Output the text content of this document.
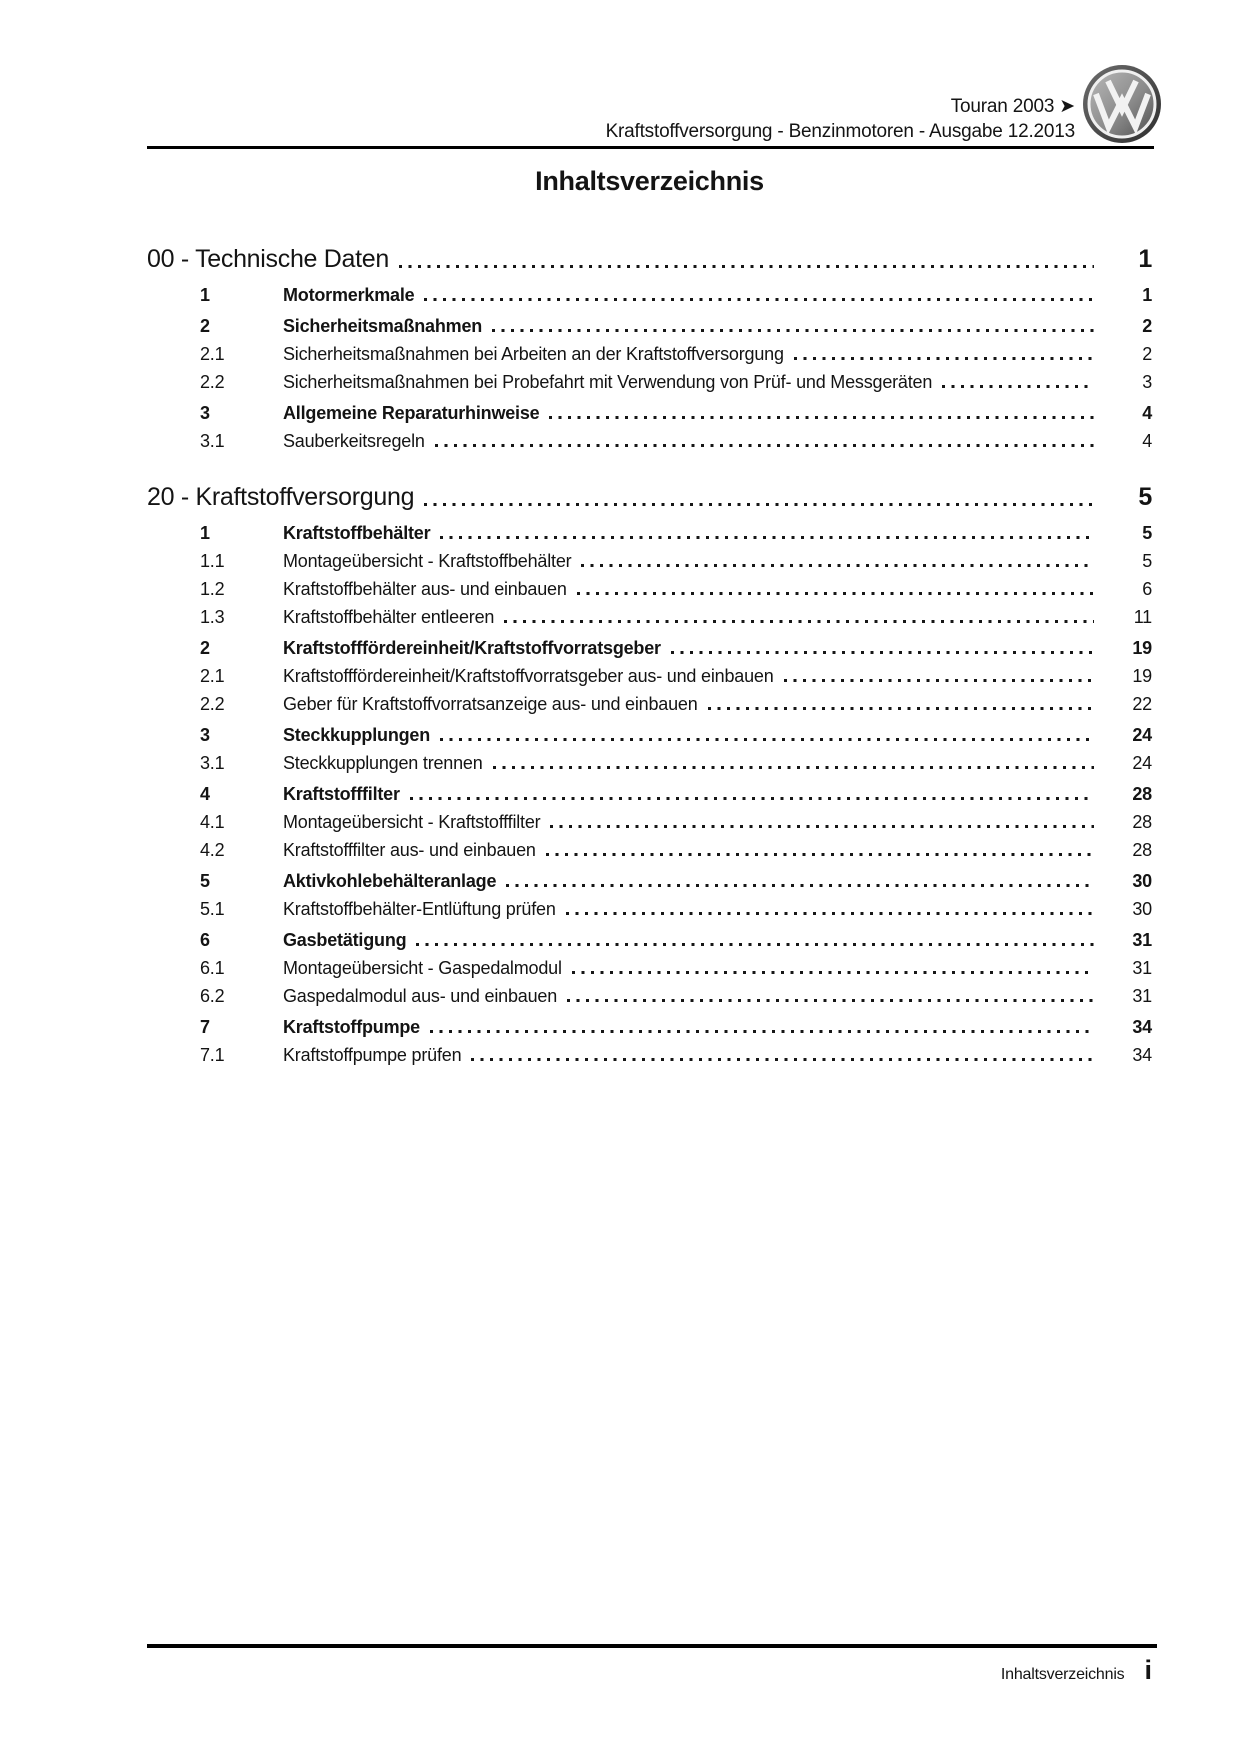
Touran 2003 ➤
Kraftstoffversorgung - Benzinmotoren - Ausgabe 12.2013
Inhaltsverzeichnis
00 - Technische Daten	1
1	Motormerkmale	1
2	Sicherheitsmaßnahmen	2
2.1	Sicherheitsmaßnahmen bei Arbeiten an der Kraftstoffversorgung	2
2.2	Sicherheitsmaßnahmen bei Probefahrt mit Verwendung von Prüf- und Messgeräten	3
3	Allgemeine Reparaturhinweise	4
3.1	Sauberkeitsregeln	4
20 - Kraftstoffversorgung	5
1	Kraftstoffbehälter	5
1.1	Montageübersicht - Kraftstoffbehälter	5
1.2	Kraftstoffbehälter aus- und einbauen	6
1.3	Kraftstoffbehälter entleeren	11
2	Kraftstofffördereinheit/Kraftstoffvorratsgeber	19
2.1	Kraftstofffördereinheit/Kraftstoffvorratsgeber aus- und einbauen	19
2.2	Geber für Kraftstoffvorratsanzeige aus- und einbauen	22
3	Steckkupplungen	24
3.1	Steckkupplungen trennen	24
4	Kraftstofffilter	28
4.1	Montageübersicht - Kraftstofffilter	28
4.2	Kraftstofffilter aus- und einbauen	28
5	Aktivkohlebehälteranlage	30
5.1	Kraftstoffbehälter-Entlüftung prüfen	30
6	Gasbetätigung	31
6.1	Montageübersicht - Gaspedalmodul	31
6.2	Gaspedalmodul aus- und einbauen	31
7	Kraftstoffpumpe	34
7.1	Kraftstoffpumpe prüfen	34
Inhaltsverzeichnis i
